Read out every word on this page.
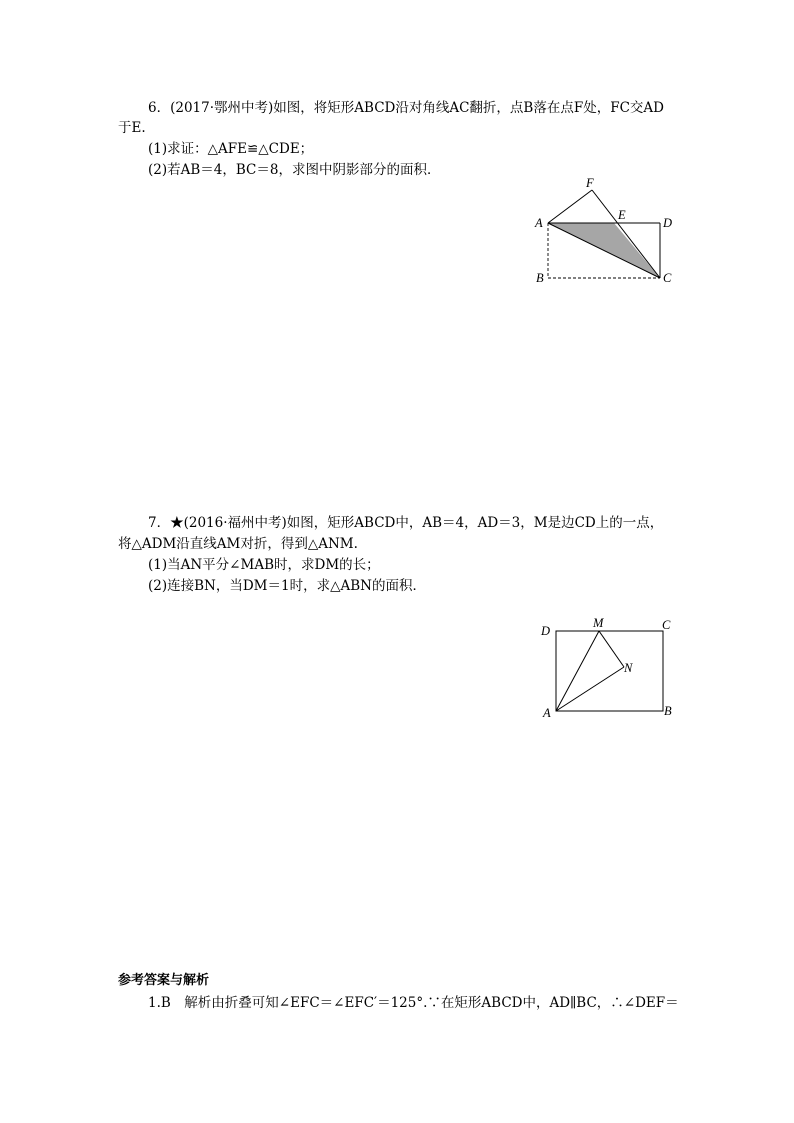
6．(2017·鄂州中考)如图，将矩形ABCD沿对角线AC翻折，点B落在点F处，FC交AD
于E.
(1)求证：△AFE≌△CDE；
(2)若AB＝4，BC＝8，求图中阴影部分的面积．
F
E
A	D
B	C
7．★(2016·福州中考)如图，矩形ABCD中，AB＝4，AD＝3，M是边CD上的一点，
将△ADM沿直线AM对折，得到△ANM.
(1)当AN平分∠MAB时，求DM的长；
(2)连接BN，当DM＝1时，求△ABN的面积．
D
M	C
N
A	B
参考答案与解析
1.B　解析由折叠可知∠EFC＝∠EFC′＝125°.∵在矩形ABCD中，AD∥BC，∴∠DEF＝
